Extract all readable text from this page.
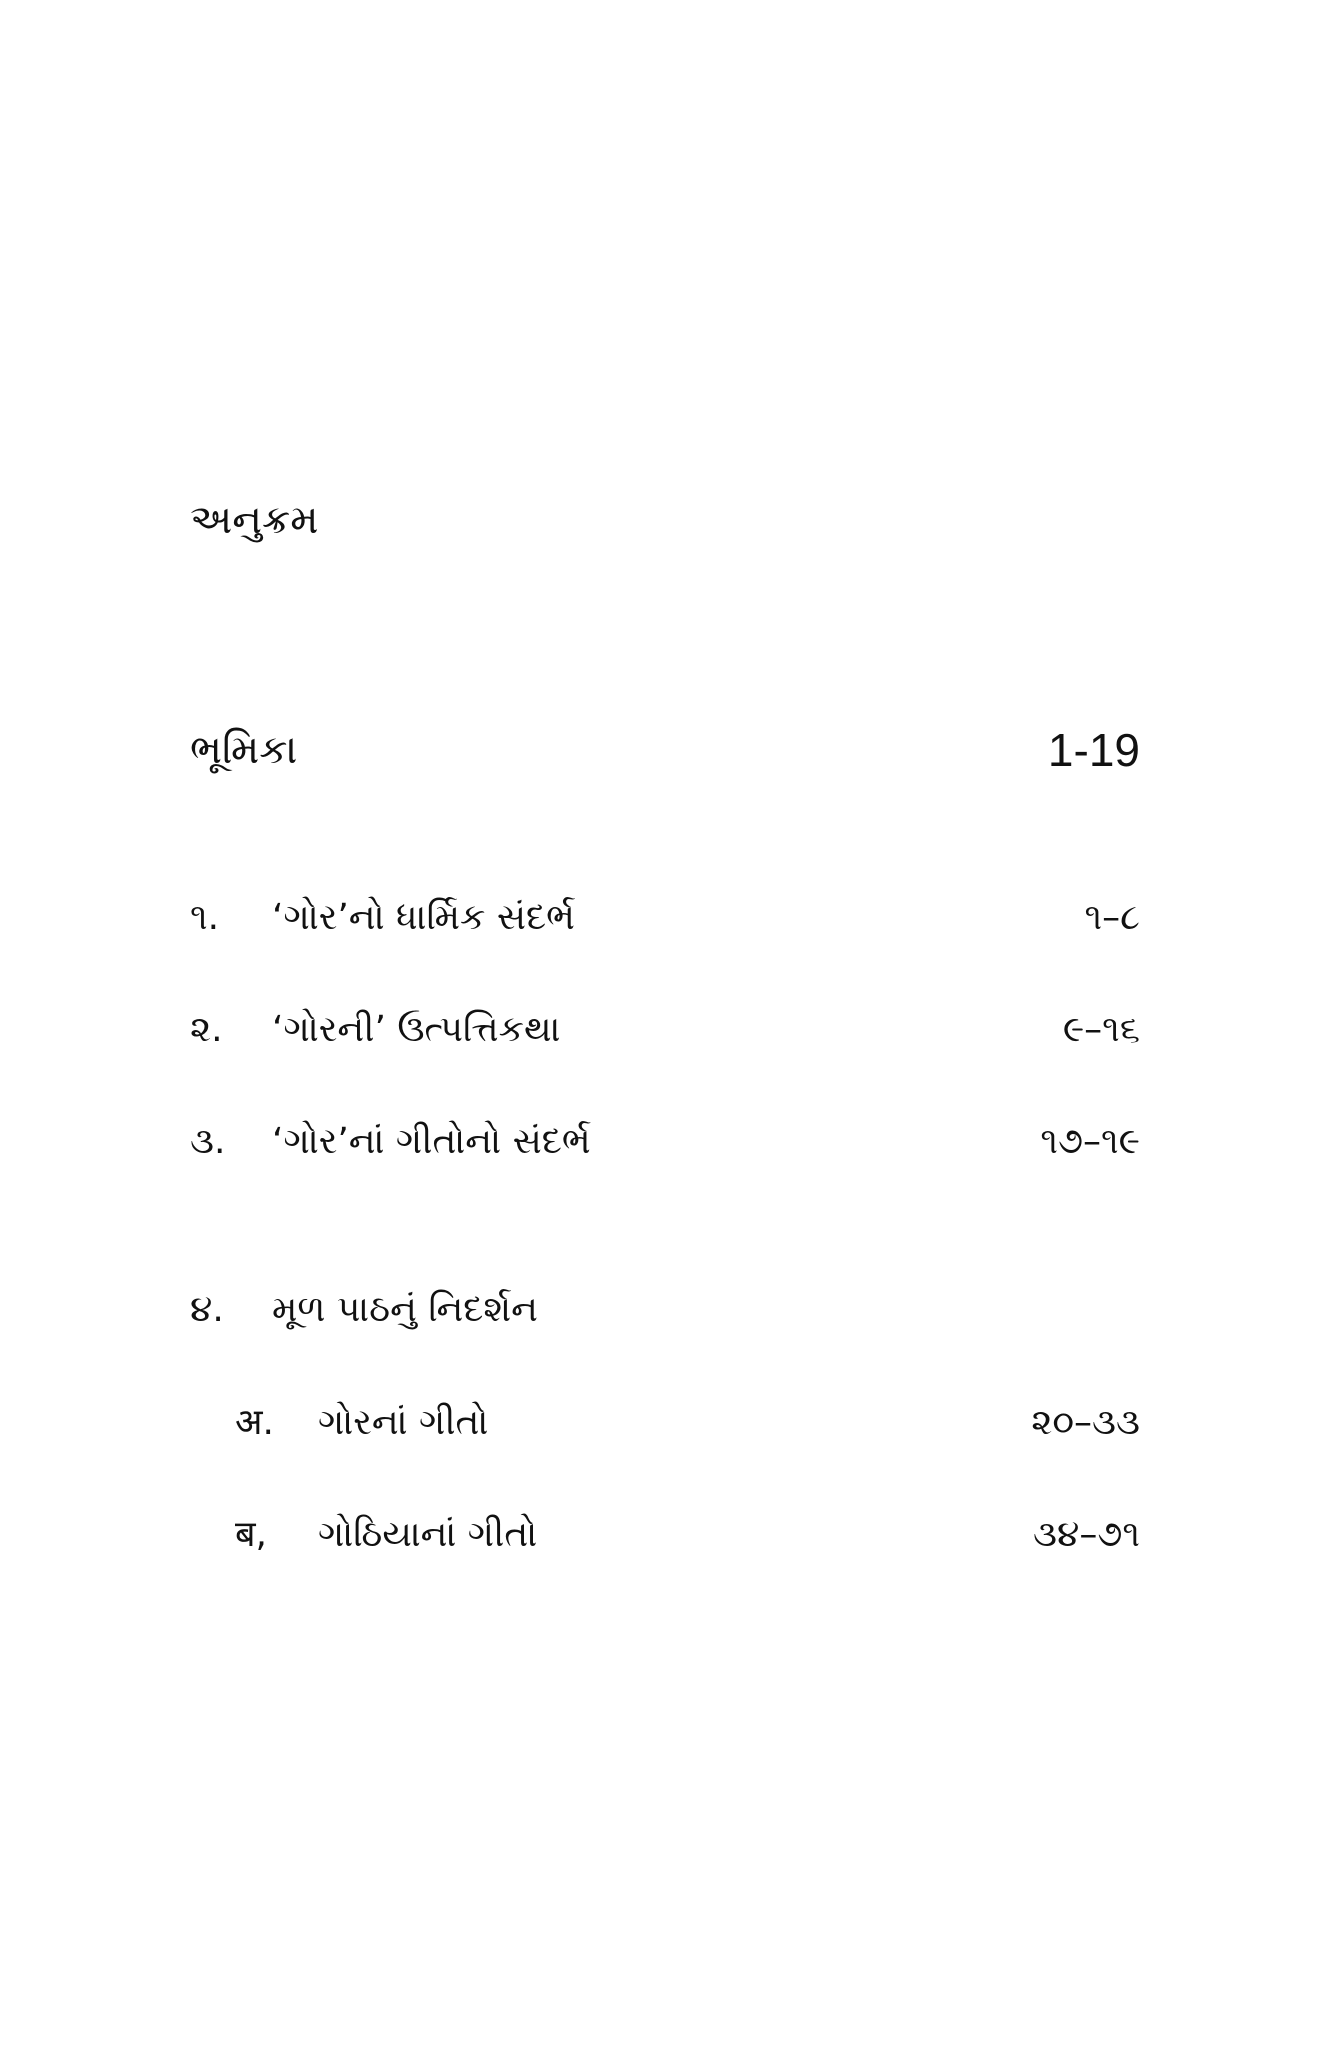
અનુક્રમ
ભૂમિકા	1-19
૧. ‘ગોર’નો ધાર્મિક સંદર્ભ	૧–૮
૨. ‘ગોરની’ ઉત્પત્તિકથા	૯–૧૬
૩. ‘ગોર’નાં ગીતોનો સંદર્ભ	૧૭–૧૯
૪. મૂળ પાઠનું નિદર્શન
अ. ગોરનાં ગીતો	૨૦–૩૩
ब, ગોઠિયાનાં ગીતો	૩૪–૭૧
